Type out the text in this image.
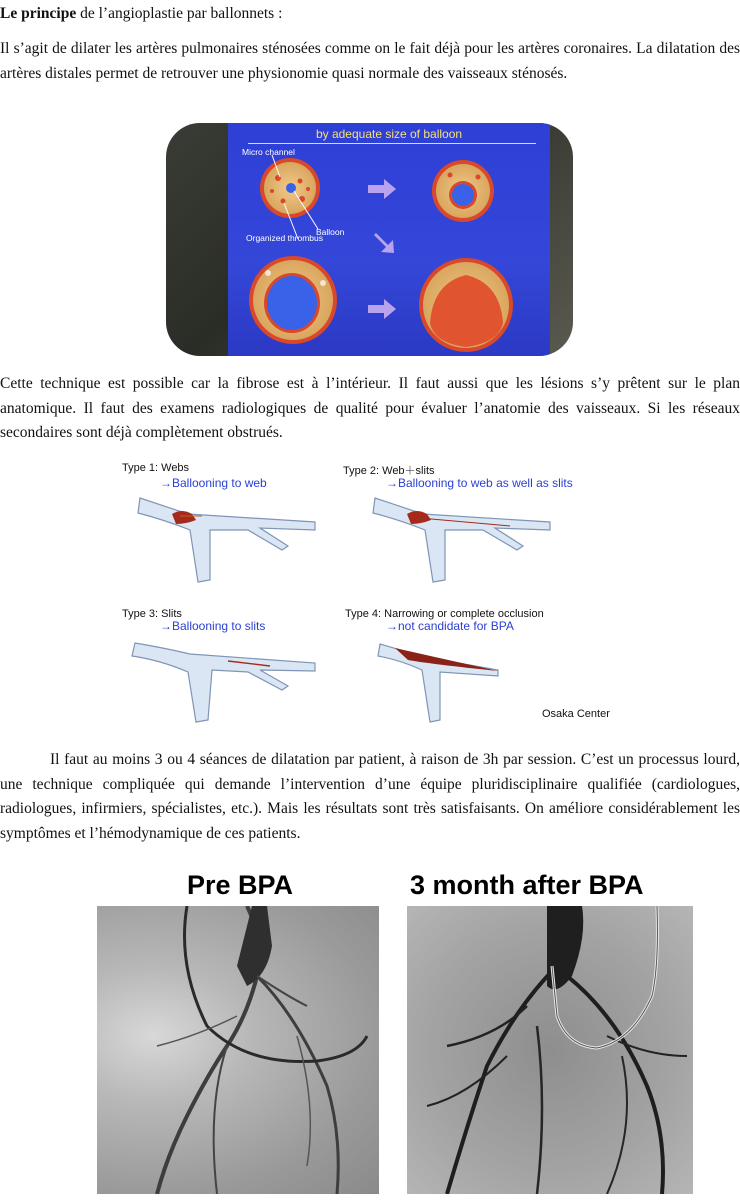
Le principe de l’angioplastie par ballonnets :

Il s’agit de dilater les artères pulmonaires sténosées comme on le fait déjà pour les artères coronaires. La dilatation des artères distales permet de retrouver une physionomie quasi normale des vaisseaux sténosés.

by adequate size of balloon
Micro channel
Balloon
Organized thrombus

Cette technique est possible car la fibrose est à l’intérieur. Il faut aussi que les lésions s’y prêtent sur le plan anatomique. Il faut des examens radiologiques de qualité pour évaluer l’anatomie des vaisseaux. Si les réseaux secondaires sont déjà complètement obstrués.

Type 1: Webs
→Ballooning to web
Type 2: Web＋slits
→Ballooning to web as well as slits
Type 3: Slits
→Ballooning to slits
Type 4: Narrowing or complete occlusion
→not candidate for BPA
Osaka Center

Il faut au moins 3 ou 4 séances de dilatation par patient, à raison de 3h par session. C’est un processus lourd, une technique compliquée qui demande l’intervention d’une équipe pluridisciplinaire qualifiée (cardiologues, radiologues, infirmiers, spécialistes, etc.). Mais les résultats sont très satisfaisants. On améliore considérablement les symptômes et l’hémodynamique de ces patients.

Pre BPA	3 month after BPA
